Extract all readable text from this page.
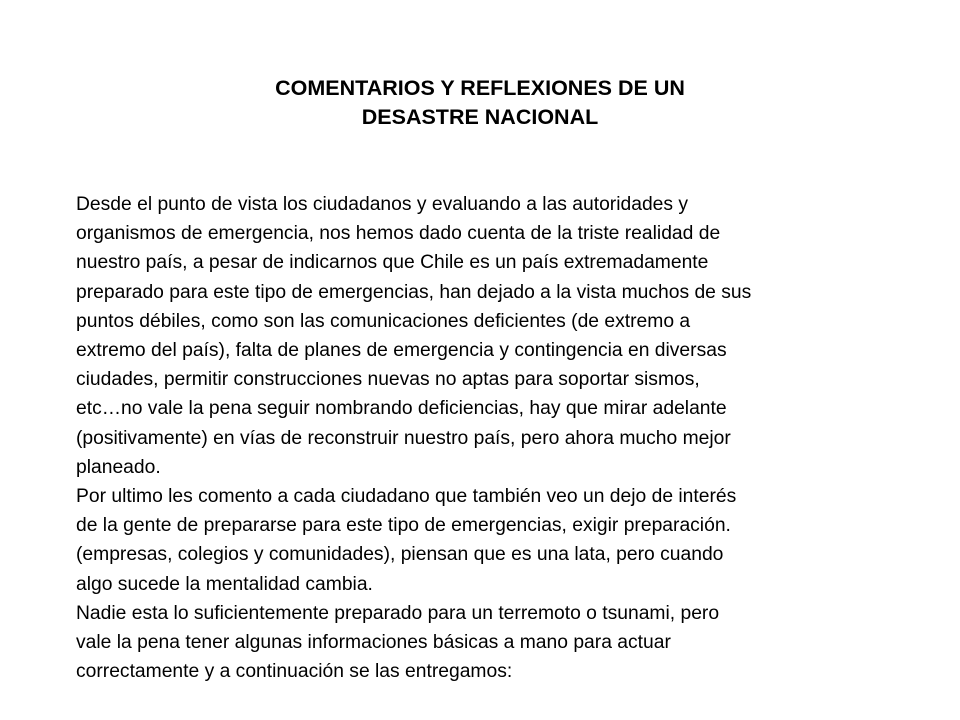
COMENTARIOS Y REFLEXIONES DE UN
DESASTRE NACIONAL
Desde el punto de vista los ciudadanos y evaluando a las autoridades y
organismos de emergencia, nos hemos dado cuenta de la triste realidad de
nuestro país, a pesar de indicarnos que Chile es un país extremadamente
preparado para este tipo de emergencias, han dejado a la vista muchos de sus
puntos débiles, como son las comunicaciones deficientes (de extremo a
extremo del país), falta de planes de emergencia y contingencia en diversas
ciudades, permitir construcciones nuevas no aptas para soportar sismos,
etc…no vale la pena seguir nombrando deficiencias, hay que mirar adelante
(positivamente) en vías de reconstruir nuestro país, pero ahora mucho mejor
planeado.
Por ultimo les comento a cada ciudadano que también veo un dejo de interés
de la gente de prepararse para este tipo de emergencias, exigir preparación.
(empresas, colegios y comunidades), piensan que es una lata, pero cuando
algo sucede la mentalidad cambia.
Nadie esta lo suficientemente preparado para un terremoto o tsunami, pero
vale la pena tener algunas informaciones básicas a mano para actuar
correctamente y a continuación se las entregamos:
